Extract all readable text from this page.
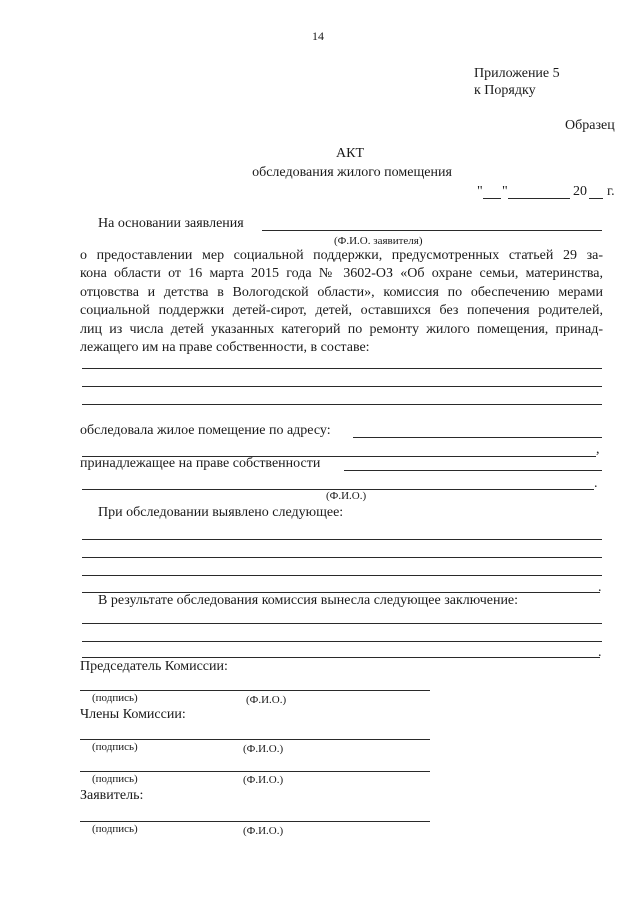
14
Приложение 5
к Порядку
Образец
АКТ
обследования жилого помещения
" "	20 г.
На основании заявления
(Ф.И.О. заявителя)
о предоставлении мер социальной поддержки, предусмотренных статьей 29 за-
кона области от 16 марта 2015 года № 3602-ОЗ «Об охране семьи, материнства,
отцовства и детства в Вологодской области», комиссия по обеспечению мерами
социальной поддержки детей-сирот, детей, оставшихся без попечения родителей,
лиц из числа детей указанных категорий по ремонту жилого помещения, принад-
лежащего им на праве собственности, в составе:
обследовала жилое помещение по адресу:
,
принадлежащее на праве собственности
.
(Ф.И.О.)
При обследовании выявлено следующее:
.
В результате обследования комиссия вынесла следующее заключение:
.
Председатель Комиссии:
(подпись)	(Ф.И.О.)
Члены Комиссии:
(подпись)	(Ф.И.О.)
(подпись)	(Ф.И.О.)
Заявитель:
(подпись)	(Ф.И.О.)
